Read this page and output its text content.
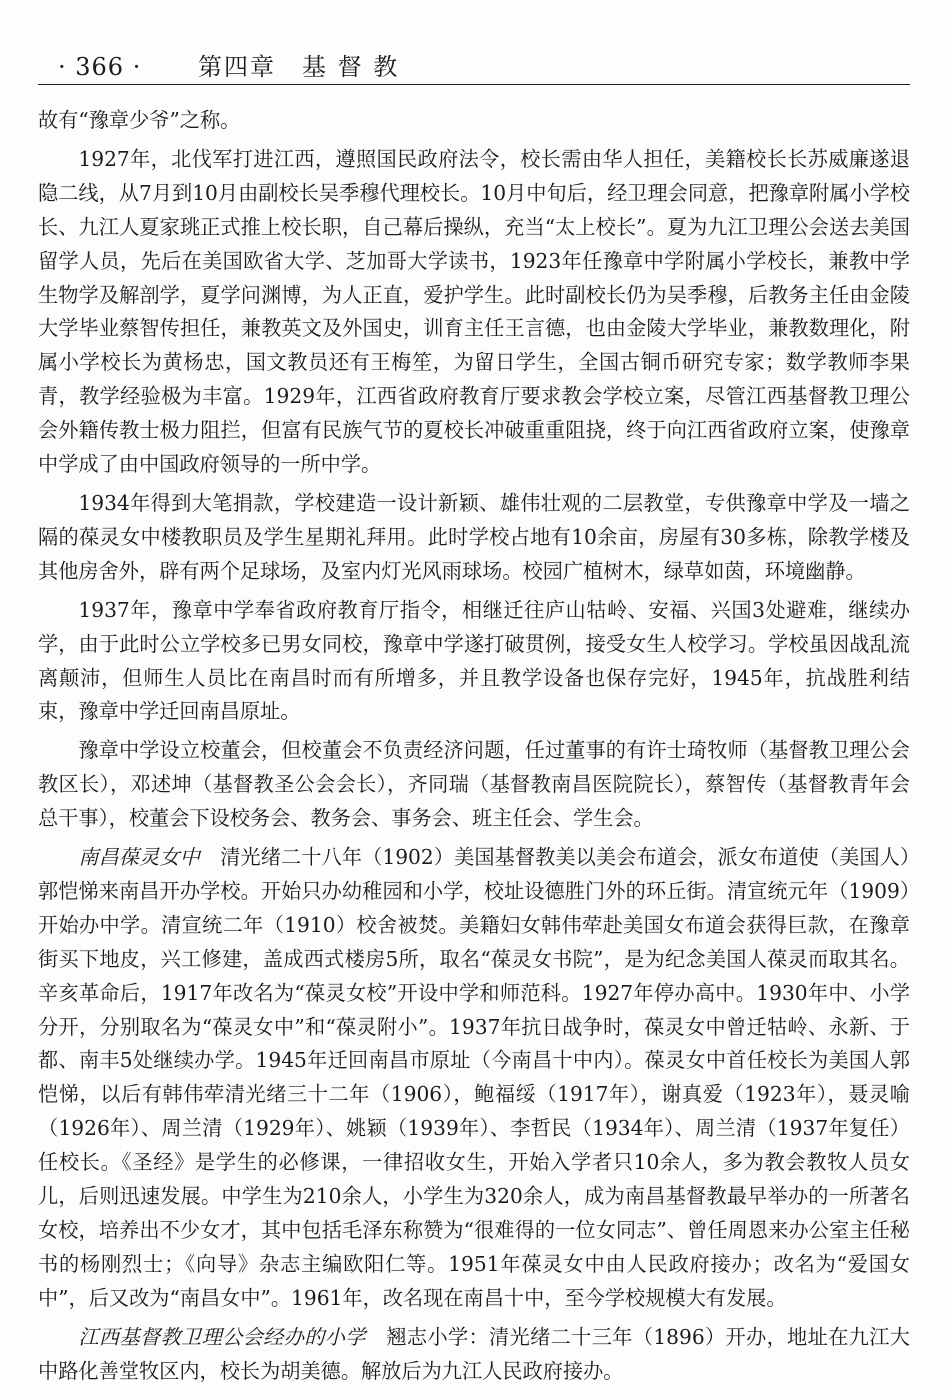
· 366 · 第四章　基 督 教

故有“豫章少爷”之称。

1927年，北伐军打进江西，遵照国民政府法令，校长需由华人担任，美籍校长长苏威廉遂退隐二线，从7月到10月由副校长吴季穆代理校长。10月中旬后，经卫理会同意，把豫章附属小学校长、九江人夏家珧正式推上校长职，自己幕后操纵，充当“太上校长”。夏为九江卫理公会送去美国留学人员，先后在美国欧省大学、芝加哥大学读书，1923年任豫章中学附属小学校长，兼教中学生物学及解剖学，夏学问渊博，为人正直，爱护学生。此时副校长仍为吴季穆，后教务主任由金陵大学毕业蔡智传担任，兼教英文及外国史，训育主任王言德，也由金陵大学毕业，兼教数理化，附属小学校长为黄杨忠，国文教员还有王梅笙，为留日学生，全国古铜币研究专家；数学教师李果青，教学经验极为丰富。1929年，江西省政府教育厅要求教会学校立案，尽管江西基督教卫理公会外籍传教士极力阻拦，但富有民族气节的夏校长冲破重重阻挠，终于向江西省政府立案，使豫章中学成了由中国政府领导的一所中学。

1934年得到大笔捐款，学校建造一设计新颖、雄伟壮观的二层教堂，专供豫章中学及一墙之隔的葆灵女中楼教职员及学生星期礼拜用。此时学校占地有10余亩，房屋有30多栋，除教学楼及其他房舍外，辟有两个足球场，及室内灯光风雨球场。校园广植树木，绿草如茵，环境幽静。

1937年，豫章中学奉省政府教育厅指令，相继迁往庐山牯岭、安福、兴国3处避难，继续办学，由于此时公立学校多已男女同校，豫章中学遂打破贯例，接受女生人校学习。学校虽因战乱流离颠沛，但师生人员比在南昌时而有所增多，并且教学设备也保存完好，1945年，抗战胜利结束，豫章中学迁回南昌原址。

豫章中学设立校董会，但校董会不负责经济问题，任过董事的有许士琦牧师（基督教卫理公会教区长），邓述坤（基督教圣公会会长），齐同瑞（基督教南昌医院院长），蔡智传（基督教青年会总干事），校董会下设校务会、教务会、事务会、班主任会、学生会。

南昌葆灵女中　清光绪二十八年（1902）美国基督教美以美会布道会，派女布道使（美国人）郭恺悌来南昌开办学校。开始只办幼稚园和小学，校址设德胜门外的环丘街。清宣统元年（1909）开始办中学。清宣统二年（1910）校舍被焚。美籍妇女韩伟荦赴美国女布道会获得巨款，在豫章街买下地皮，兴工修建，盖成西式楼房5所，取名“葆灵女书院”，是为纪念美国人葆灵而取其名。辛亥革命后，1917年改名为“葆灵女校”开设中学和师范科。1927年停办高中。1930年中、小学分开，分别取名为“葆灵女中”和“葆灵附小”。1937年抗日战争时，葆灵女中曾迁牯岭、永新、于都、南丰5处继续办学。1945年迁回南昌市原址（今南昌十中内）。葆灵女中首任校长为美国人郭恺悌，以后有韩伟荦清光绪三十二年（1906），鲍福绥（1917年），谢真爱（1923年），聂灵喻（1926年）、周兰清（1929年）、姚颖（1939年）、李哲民（1934年）、周兰清（1937年复任）任校长。《圣经》是学生的必修课，一律招收女生，开始入学者只10余人，多为教会教牧人员女儿，后则迅速发展。中学生为210余人，小学生为320余人，成为南昌基督教最早举办的一所著名女校，培养出不少女才，其中包括毛泽东称赞为“很难得的一位女同志”、曾任周恩来办公室主任秘书的杨刚烈士；《向导》杂志主编欧阳仁等。1951年葆灵女中由人民政府接办；改名为“爱国女中”，后又改为“南昌女中”。1961年，改名现在南昌十中，至今学校规模大有发展。

江西基督教卫理公会经办的小学　翘志小学：清光绪二十三年（1896）开办，地址在九江大中路化善堂牧区内，校长为胡美德。解放后为九江人民政府接办。
